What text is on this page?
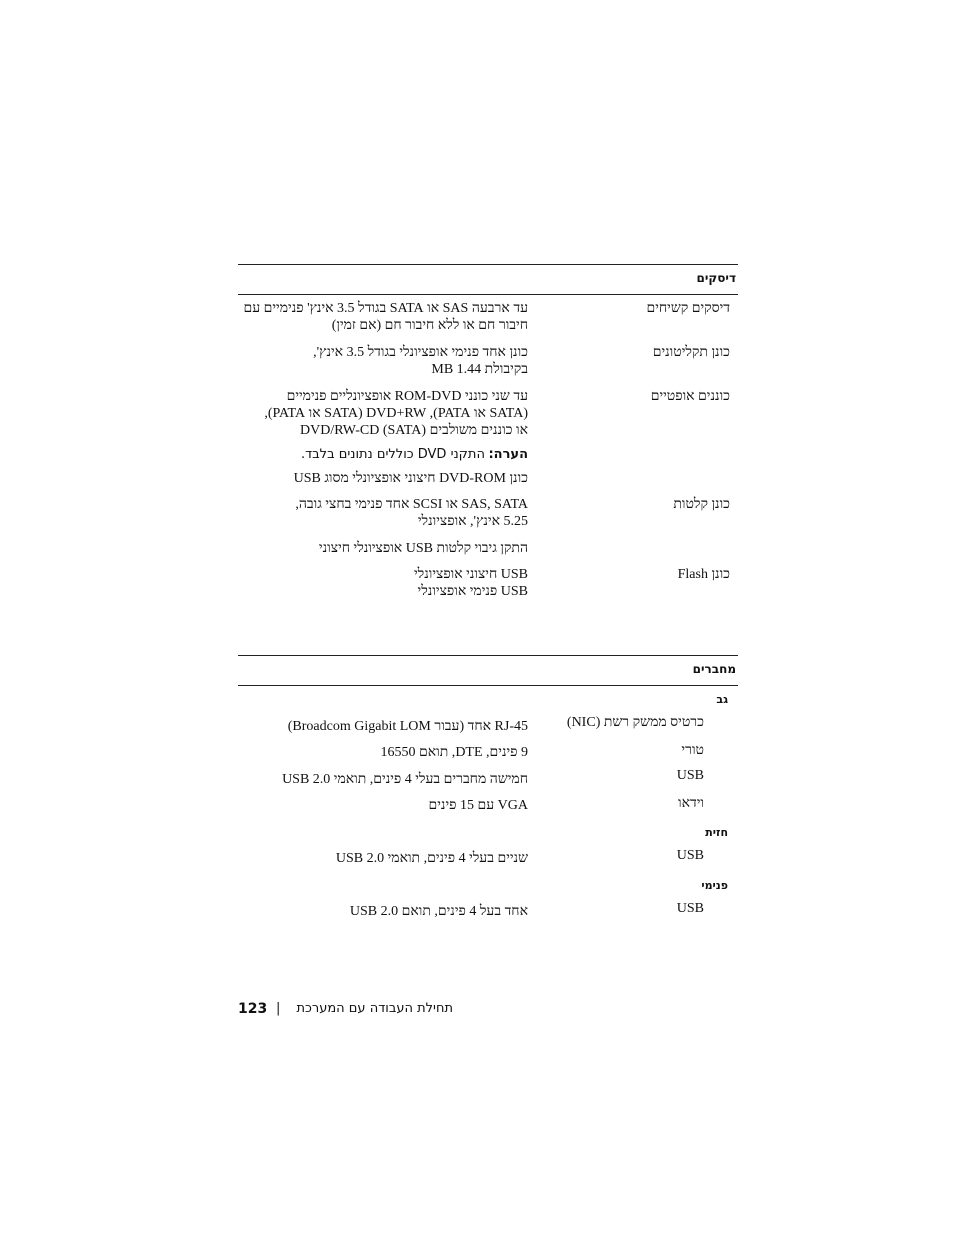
דיסקים
דיסקים קשיחים
עד ארבעה SAS או SATA בגודל 3.5 אינץ' פנימיים עם
חיבור חם או ללא חיבור חם (אם זמין)
כונן תקליטונים
כונן אחד פנימי אופציונלי בגודל 3.5 אינץ',
בקיבולת 1.44 MB
כוננים אופטיים
עד שני כונני ROM-DVD אופציונליים פנימיים
(SATA או PATA), DVD+RW (SATA או PATA),
או כוננים משולבים DVD/RW-CD (SATA)
הערה: התקני DVD כוללים נתונים בלבד.
כונן DVD-ROM חיצוני אופציונלי מסוג USB
כונן קלטות
SAS, SATA או SCSI אחד פנימי בחצי גובה,
5.25 אינץ', אופציונלי
התקן גיבוי קלטות USB אופציונלי חיצוני
כונן Flash
USB חיצוני אופציונלי
USB פנימי אופציונלי
מחברים
גב
כרטיס ממשק רשת (NIC)
RJ-45 אחד (עבור Broadcom Gigabit LOM)
טורי
9 פינים, DTE, תואם 16550
USB
חמישה מחברים בעלי 4 פינים, תואמי USB 2.0
וידאו
VGA עם 15 פינים
חזית
USB
שניים בעלי 4 פינים, תואמי USB 2.0
פנימי
USB
אחד בעל 4 פינים, תואם USB 2.0
123 | תחילת העבודה עם המערכת
